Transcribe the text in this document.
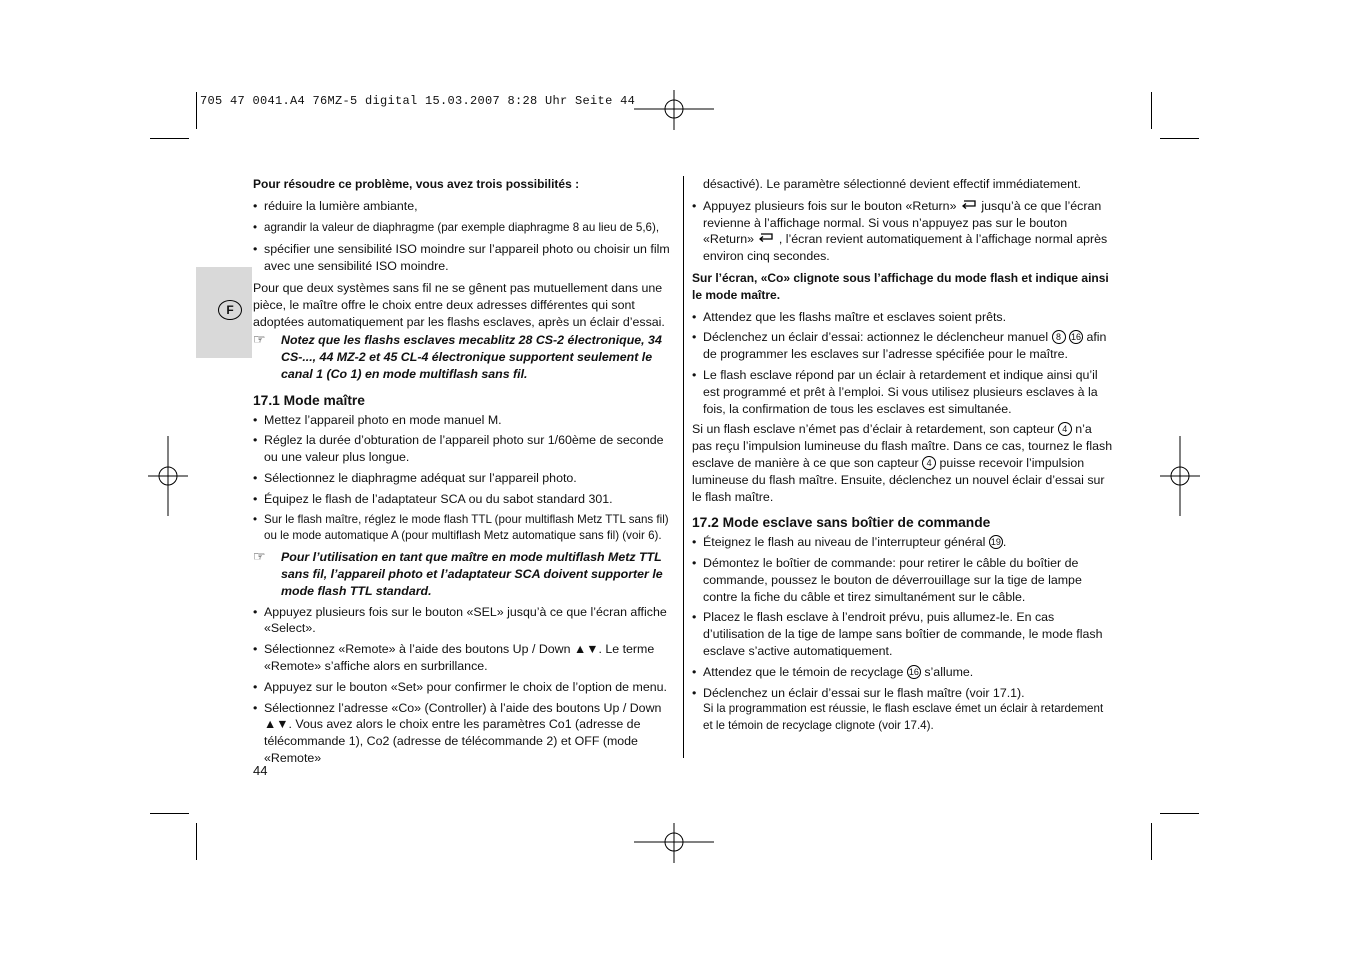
705 47 0041.A4 76MZ-5 digital 15.03.2007 8:28 Uhr Seite 44
F

Pour résoudre ce problème, vous avez trois possibilités :

• réduire la lumière ambiante,

• agrandir la valeur de diaphragme (par exemple diaphragme 8 au lieu de 5,6),

• spécifier une sensibilité ISO moindre sur l’appareil photo ou choisir un film avec une sensibilité ISO moindre.

Pour que deux systèmes sans fil ne se gênent pas mutuellement dans une pièce, le maître offre le choix entre deux adresses différentes qui sont adoptées automatiquement par les flashs esclaves, après un éclair d’essai.

☞ Notez que les flashs esclaves mecablitz 28 CS-2 électronique, 34 CS-..., 44 MZ-2 et 45 CL-4 électronique supportent seulement le canal 1 (Co 1) en mode multiflash sans fil.

17.1 Mode maître

• Mettez l’appareil photo en mode manuel M.

• Réglez la durée d’obturation de l’appareil photo sur 1/60ème de seconde ou une valeur plus longue.

• Sélectionnez le diaphragme adéquat sur l’appareil photo.

• Équipez le flash de l’adaptateur SCA ou du sabot standard 301.

• Sur le flash maître, réglez le mode flash TTL (pour multiflash Metz TTL sans fil) ou le mode automatique A (pour multiflash Metz automatique sans fil) (voir 6).

☞ Pour l’utilisation en tant que maître en mode multiflash Metz TTL sans fil, l’appareil photo et l’adaptateur SCA doivent supporter le mode flash TTL standard.

• Appuyez plusieurs fois sur le bouton «SEL» jusqu’à ce que l’écran affiche «Select».

• Sélectionnez «Remote» à l’aide des boutons Up / Down ▲▼. Le terme «Remote» s’affiche alors en surbrillance.

• Appuyez sur le bouton «Set» pour confirmer le choix de l’option de menu.

• Sélectionnez l’adresse «Co» (Controller) à l’aide des boutons Up / Down ▲▼. Vous avez alors le choix entre les paramètres Co1 (adresse de télécommande 1), Co2 (adresse de télécommande 2) et OFF (mode «Remote»

44

désactivé). Le paramètre sélectionné devient effectif immédiatement.

• Appuyez plusieurs fois sur le bouton «Return» jusqu’à ce que l’écran revienne à l’affichage normal. Si vous n’appuyez pas sur le bouton «Return» , l’écran revient automatiquement à l’affichage normal après environ cinq secondes.

Sur l’écran, «Co» clignote sous l’affichage du mode flash et indique ainsi le mode maître.

• Attendez que les flashs maître et esclaves soient prêts.

• Déclenchez un éclair d’essai: actionnez le déclencheur manuel 8 16 afin de programmer les esclaves sur l’adresse spécifiée pour le maître.

• Le flash esclave répond par un éclair à retardement et indique ainsi qu’il est programmé et prêt à l’emploi. Si vous utilisez plusieurs esclaves à la fois, la confirmation de tous les esclaves est simultanée.

Si un flash esclave n’émet pas d’éclair à retardement, son capteur 4 n’a pas reçu l’impulsion lumineuse du flash maître. Dans ce cas, tournez le flash esclave de manière à ce que son capteur 4 puisse recevoir l’impulsion lumineuse du flash maître. Ensuite, déclenchez un nouvel éclair d’essai sur le flash maître.

17.2 Mode esclave sans boîtier de commande

• Éteignez le flash au niveau de l’interrupteur général 19 .

• Démontez le boîtier de commande: pour retirer le câble du boîtier de commande, poussez le bouton de déverrouillage sur la tige de lampe contre la fiche du câble et tirez simultanément sur le câble.

• Placez le flash esclave à l’endroit prévu, puis allumez-le. En cas d’utilisation de la tige de lampe sans boîtier de commande, le mode flash esclave s’active automatiquement.

• Attendez que le témoin de recyclage 16 s’allume.

• Déclenchez un éclair d’essai sur le flash maître (voir 17.1).

Si la programmation est réussie, le flash esclave émet un éclair à retardement et le témoin de recyclage clignote (voir 17.4).
